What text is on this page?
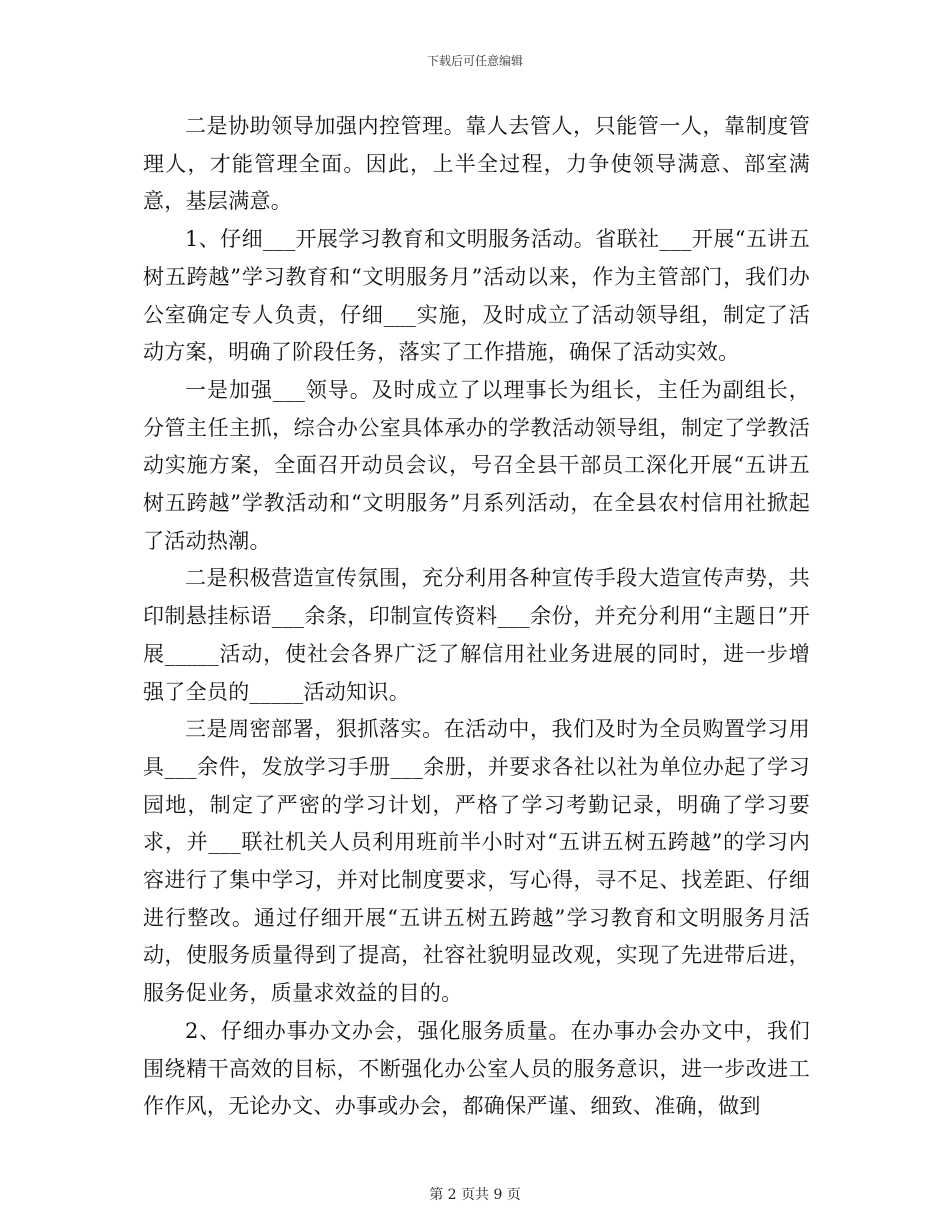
下载后可任意编辑

二是协助领导加强内控管理。靠人去管人，只能管一人，靠制度管理人，才能管理全面。因此，上半全过程，力争使领导满意、部室满意，基层满意。

1、仔细___开展学习教育和文明服务活动。省联社___开展“五讲五树五跨越”学习教育和“文明服务月”活动以来，作为主管部门，我们办公室确定专人负责，仔细___实施，及时成立了活动领导组，制定了活动方案，明确了阶段任务，落实了工作措施，确保了活动实效。

一是加强___领导。及时成立了以理事长为组长，主任为副组长，分管主任主抓，综合办公室具体承办的学教活动领导组，制定了学教活动实施方案，全面召开动员会议，号召全县干部员工深化开展“五讲五树五跨越”学教活动和“文明服务”月系列活动，在全县农村信用社掀起了活动热潮。

二是积极营造宣传氛围，充分利用各种宣传手段大造宣传声势，共印制悬挂标语___余条，印制宣传资料___余份，并充分利用“主题日”开展_____活动，使社会各界广泛了解信用社业务进展的同时，进一步增强了全员的_____活动知识。

三是周密部署，狠抓落实。在活动中，我们及时为全员购置学习用具___余件，发放学习手册___余册，并要求各社以社为单位办起了学习园地，制定了严密的学习计划，严格了学习考勤记录，明确了学习要求，并___联社机关人员利用班前半小时对“五讲五树五跨越”的学习内容进行了集中学习，并对比制度要求，写心得，寻不足、找差距、仔细进行整改。通过仔细开展“五讲五树五跨越”学习教育和文明服务月活动，使服务质量得到了提高，社容社貌明显改观，实现了先进带后进，服务促业务，质量求效益的目的。

2、仔细办事办文办会，强化服务质量。在办事办会办文中，我们围绕精干高效的目标，不断强化办公室人员的服务意识，进一步改进工作作风，无论办文、办事或办会，都确保严谨、细致、准确，做到

第 2 页共 9 页
